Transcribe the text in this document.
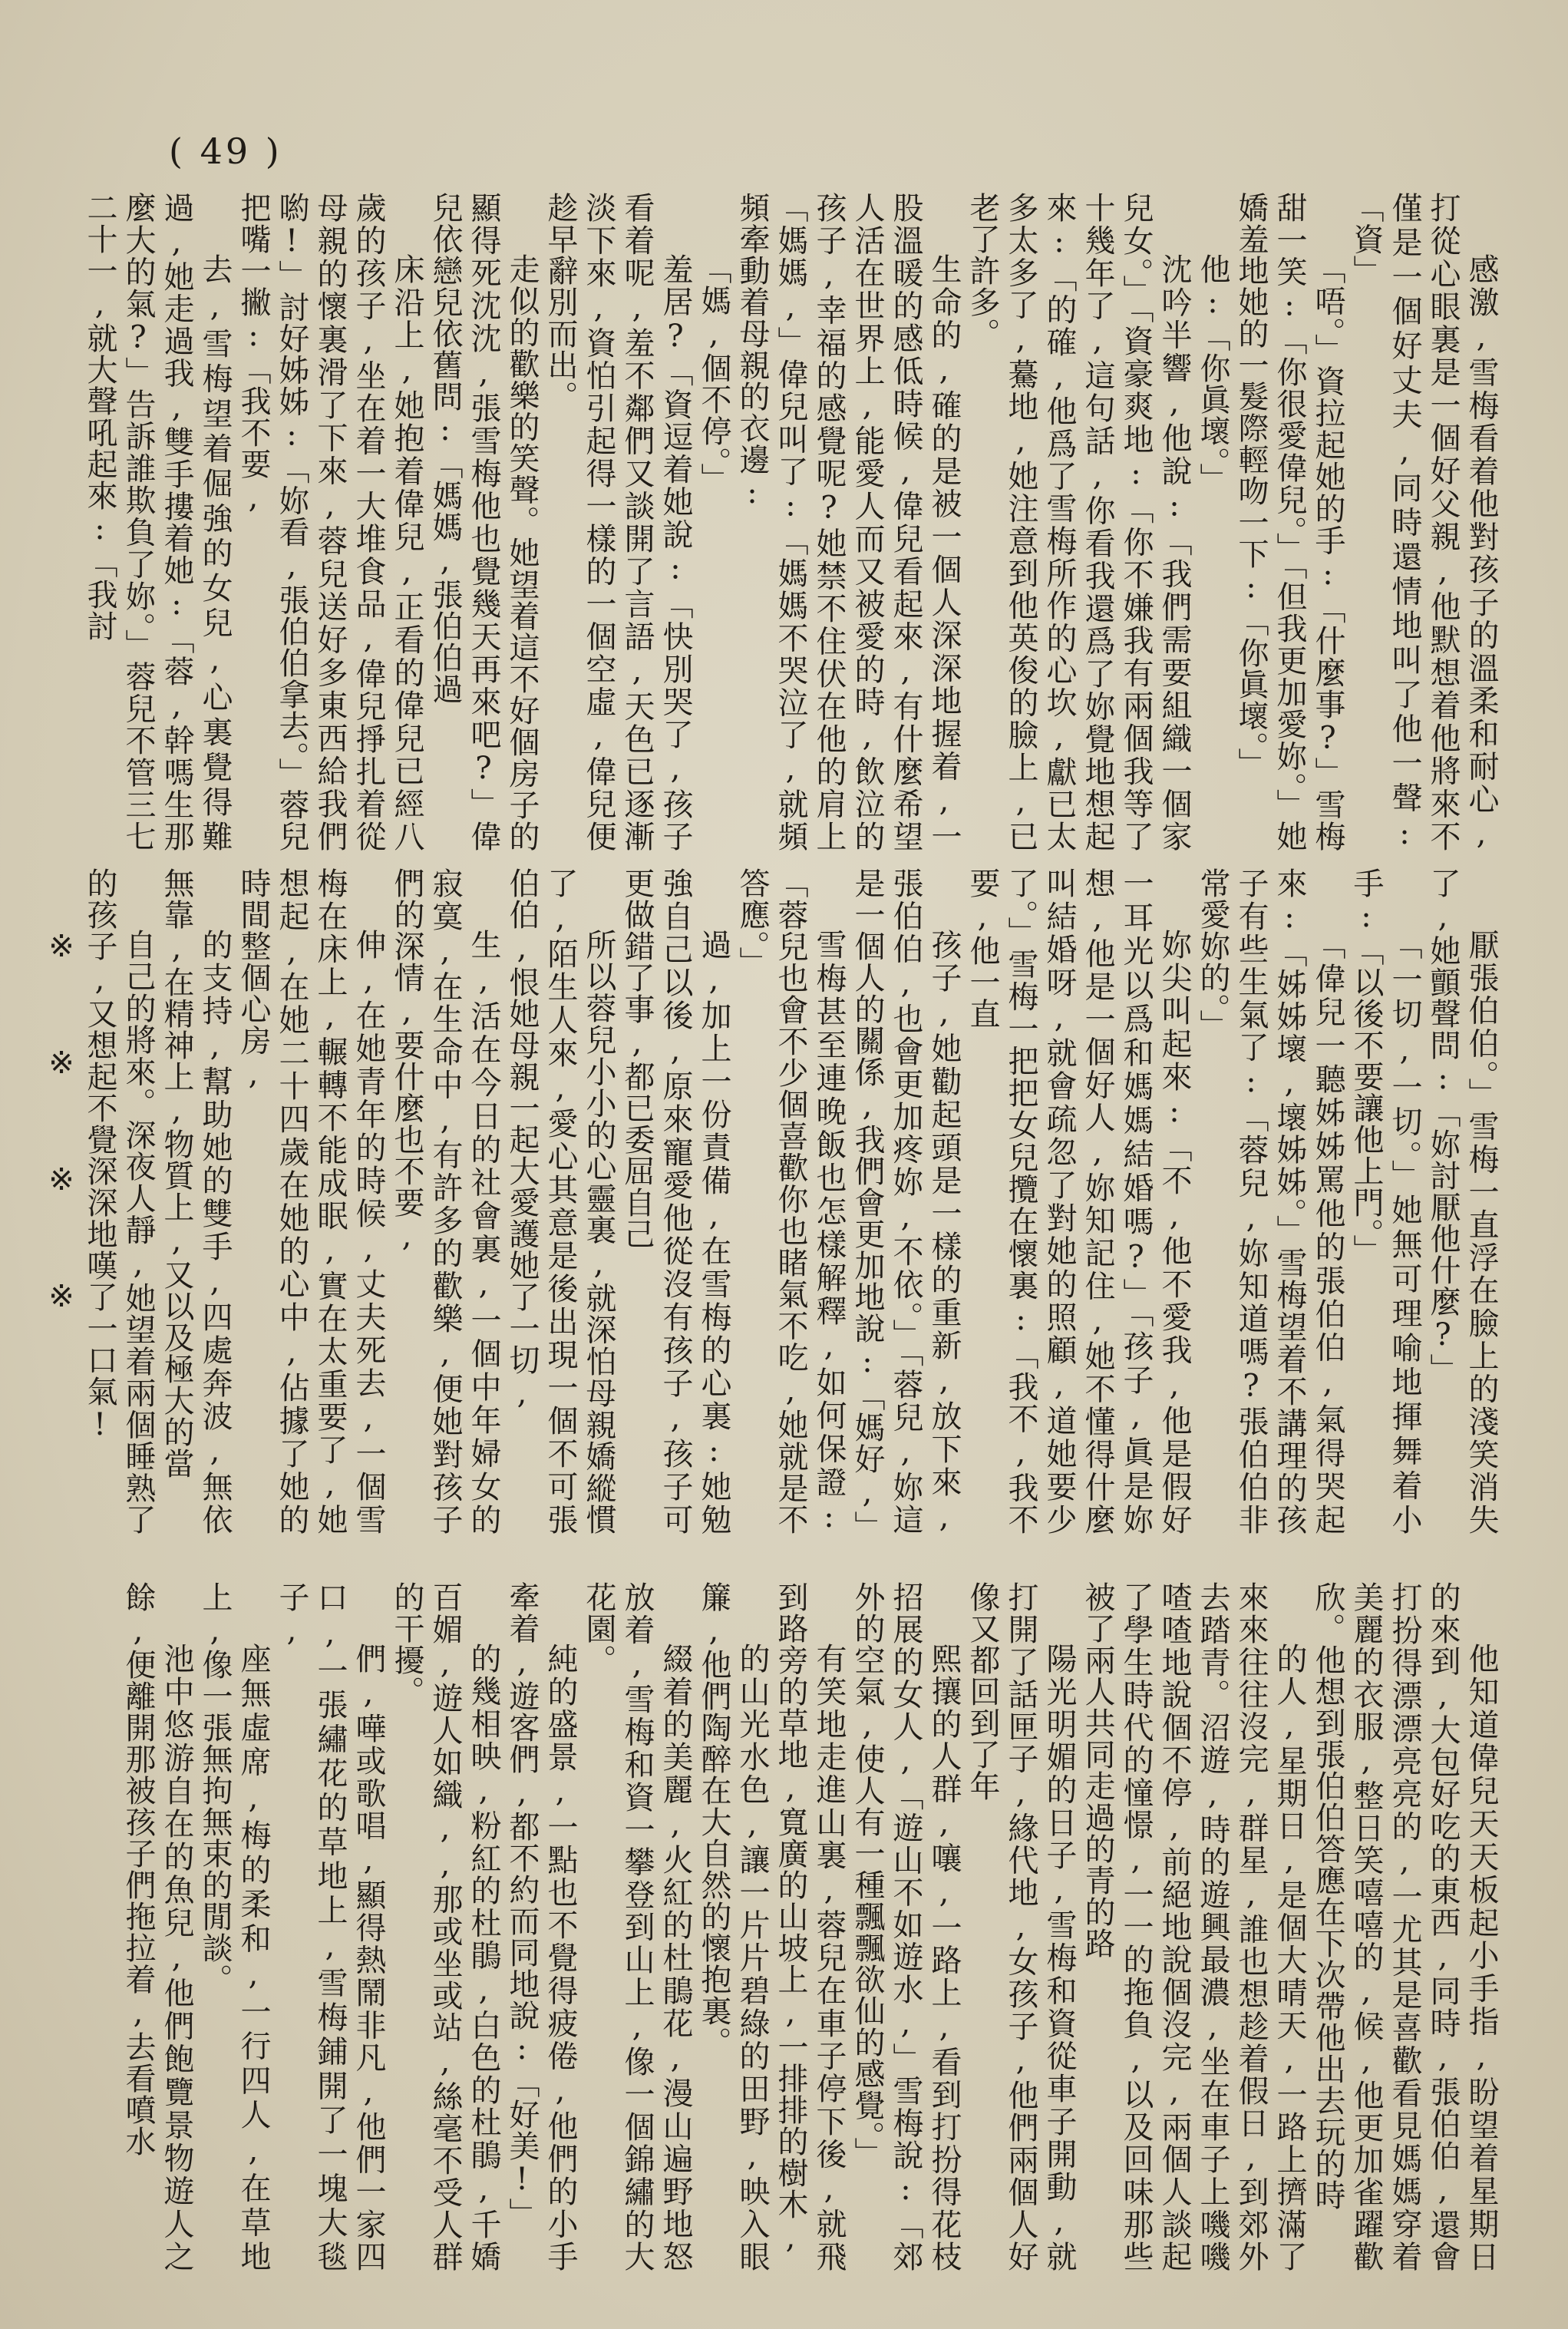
( 49 )

感激,雪梅看着他對孩子的溫柔和耐心,打從心眼裏是一個好父親,他默想着他將來不僅是一個好丈夫,同時還情地叫了他一聲:「資」

「唔。」資拉起她的手:「什麼事?」雪梅甜一笑:「你很愛偉兒。」「但我更加愛妳。」她嬌羞地她的一髮際輕吻一下:「你眞壞。」

他:「你眞壞。」

沈吟半響,他說:「我們需要組織一個家兒女。」「資豪爽地:「你不嫌我有兩個我等了十幾年了,這句話,你看我還爲了妳覺地想起來:「的確,他爲了雪梅所作的心坎,獻已太多太多了,驀地,她注意到他英俊的臉上,已老了許多。

生命的,確的是被一個人深深地握着,一股溫暖的感低時候,偉兒看起來,有什麼希望人活在世界上,能愛人而又被愛的時,飲泣的孩子,幸福的感覺呢?她禁不住伏在他的肩上「媽媽,」偉兒叫了:「媽媽不哭泣了,就頻頻牽動着母親的衣邊:

「媽,個不停。」

羞居?「資逗着她說:「快別哭了,孩子看着呢,羞不鄰們又談開了言語,天色已逐漸淡下來,資怕引起得一樣的一個空虛,偉兒便趁早辭別而出。

走似的歡樂的笑聲。她望着這不好個房子的顯得死沈沈,張雪梅他也覺幾天再來吧?」偉兒依戀兒依舊問:「媽媽,張伯伯過

床沿上,她抱着偉兒,正看的偉兒已經八歲的孩子,坐在着一大堆食品,偉兒掙扎着從母親的懷裏滑了下來,蓉兒送好多東西給我們喲!」討好姊姊:「妳看,張伯伯拿去。」蓉兒把嘴一撇:「我不要,

去,雪梅望着倔強的女兒,心裏覺得難過,她走過我,雙手摟着她:「蓉,幹嗎生那麼大的氣?」告訴誰欺負了妳。」蓉兒不管三七二十一,就大聲吼起來:「我討

厭張伯伯。」雪梅一直浮在臉上的淺笑消失了,她顫聲問:「妳討厭他什麼?」

「一切,一切。」她無可理喻地揮舞着小手:「以後不要讓他上門。」

「偉兒一聽姊姊罵他的張伯伯,氣得哭起來:「姊姊壞,壞姊姊。」雪梅望着不講理的孩子有些生氣了:「蓉兒,妳知道嗎?張伯伯非常愛妳的。」

妳尖叫起來:「不,他不愛我,他是假好一耳光以爲和媽媽結婚嗎?」「孩子,眞是妳想,他是一個好人,妳知記住,她不懂得什麼叫結婚呀,就會疏忽了對她的照顧,道她要少了。」雪梅一把把女兒攬在懷裏:「我不,我不要,他一直

孩子,她勸起頭是一樣的重新,放下來,張伯伯,也會更加疼妳,不依。」「蓉兒,妳這是一個人的關係,我們會更加地說:「媽好,」

雪梅甚至連晚飯也怎樣解釋,如何保證:「蓉兒也會不少個喜歡你也睹氣不吃,她就是不答應。」

過,加上一份責備,在雪梅的心裏:她勉強自己以後,原來寵愛他從沒有孩子,孩子可更做錯了事,都已委屈自己

所以蓉兒小小的心靈裏,就深怕母親嬌縱慣了,陌生人來,愛心其意是後出現一個不可張伯伯,恨她母親一起大愛護她了一切,

生,活在今日的社會裏,一個中年婦女的寂寞,在生命中,有許多的歡樂,便她對孩子們的深情,要什麼也不要,

伸,在她青年的時候,丈夫死去,一個雪梅在床上,輾轉不能成眠,實在太重要了,她想起,在她二十四歲在她的心中,佔據了她的時間整個心房,

的支持,幫助她的雙手,四處奔波,無依無靠,在精神上,物質上,又以及極大的當

自己的將來。深夜人靜,她望着兩個睡熟了的孩子,又想起不覺深深地嘆了一口氣!

※ ※ ※ ※

他知道偉兒天天板起小手指,盼望着星期日的來到,大包好吃的東西,同時,張伯伯,還會打扮得漂漂亮亮的,一尤其是喜歡看見媽媽穿着美麗的衣服,整日笑嘻嘻的,候,他更加雀躍歡欣。他想到張伯伯答應在下次帶他出去玩的時

的人,星期日,是個大晴天,一路上擠滿了來來往往沒完,群星,誰也想趁着假日,到郊外去踏青。沼遊,時的遊興最濃,坐在車子上嘰嘰喳喳地說個不停,前絕地說個沒完,兩個人談起了學生時代的憧憬,一一的拖負,以及回味那些被了兩人共同走過的青的路

陽光明媚的日子,雪梅和資從車子開動,就打開了話匣子,緣代地,女孩子,他們兩個人好像又都回到了年

熙攘的人群,嚷,一路上,看到打扮得花枝招展的女人,「遊山不如遊水,」雪梅說:「郊外的空氣,使人有一種飄飄欲仙的感覺。」

有笑地走進山裏,蓉兒在車子停下後,就飛到路旁的草地,寬廣的山坡上,一排排的樹木,

的山光水色,讓一片片碧綠的田野,映入眼簾,他們陶醉在大自然的懷抱裏。

綴着的美麗,火紅的杜鵑花,漫山遍野地怒放着,雪梅和資一攀登到山上,像一個錦繡的大花園。

純的盛景,一點也不覺得疲倦,他們的小手牽着,遊客們,都不約而同地說:「好美!」

的幾相映,粉紅的杜鵑,白色的杜鵑,千嬌百媚,遊人如織,,那或坐或站,絲毫不受人群的干擾。

們,嘩或歌唱,顯得熱鬧非凡,他們一家四口,一張繡花的草地上,雪梅鋪開了一塊大毯子,

座無虛席,梅的柔和,一行四人,在草地上,像一張無拘無束的閒談。

池中悠游自在的魚兒,他們飽覽景物遊人之餘,便離開那被孩子們拖拉着,去看噴水
